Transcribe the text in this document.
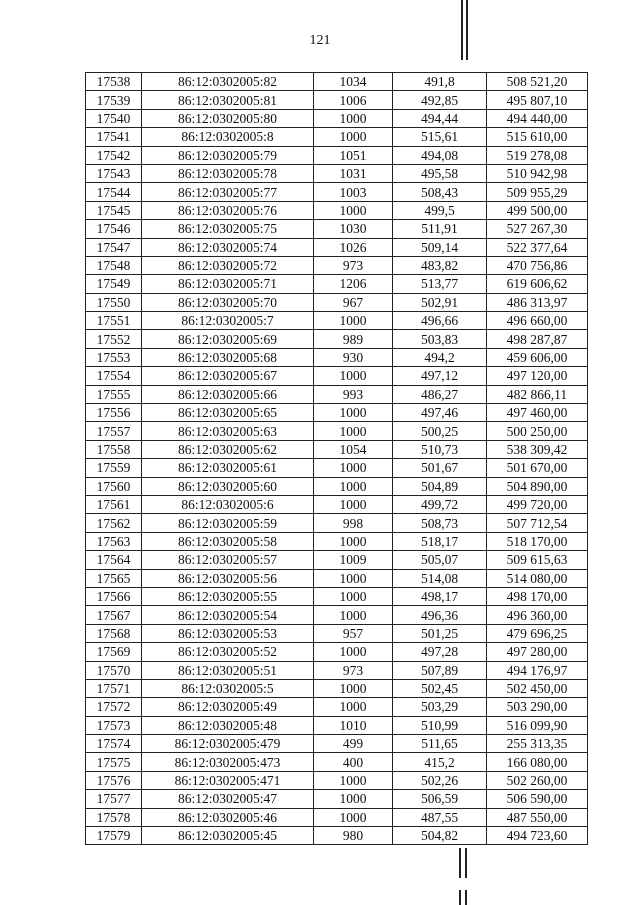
121
17538	86:12:0302005:82	1034	491,8	508 521,20
17539	86:12:0302005:81	1006	492,85	495 807,10
17540	86:12:0302005:80	1000	494,44	494 440,00
17541	86:12:0302005:8	1000	515,61	515 610,00
17542	86:12:0302005:79	1051	494,08	519 278,08
17543	86:12:0302005:78	1031	495,58	510 942,98
17544	86:12:0302005:77	1003	508,43	509 955,29
17545	86:12:0302005:76	1000	499,5	499 500,00
17546	86:12:0302005:75	1030	511,91	527 267,30
17547	86:12:0302005:74	1026	509,14	522 377,64
17548	86:12:0302005:72	973	483,82	470 756,86
17549	86:12:0302005:71	1206	513,77	619 606,62
17550	86:12:0302005:70	967	502,91	486 313,97
17551	86:12:0302005:7	1000	496,66	496 660,00
17552	86:12:0302005:69	989	503,83	498 287,87
17553	86:12:0302005:68	930	494,2	459 606,00
17554	86:12:0302005:67	1000	497,12	497 120,00
17555	86:12:0302005:66	993	486,27	482 866,11
17556	86:12:0302005:65	1000	497,46	497 460,00
17557	86:12:0302005:63	1000	500,25	500 250,00
17558	86:12:0302005:62	1054	510,73	538 309,42
17559	86:12:0302005:61	1000	501,67	501 670,00
17560	86:12:0302005:60	1000	504,89	504 890,00
17561	86:12:0302005:6	1000	499,72	499 720,00
17562	86:12:0302005:59	998	508,73	507 712,54
17563	86:12:0302005:58	1000	518,17	518 170,00
17564	86:12:0302005:57	1009	505,07	509 615,63
17565	86:12:0302005:56	1000	514,08	514 080,00
17566	86:12:0302005:55	1000	498,17	498 170,00
17567	86:12:0302005:54	1000	496,36	496 360,00
17568	86:12:0302005:53	957	501,25	479 696,25
17569	86:12:0302005:52	1000	497,28	497 280,00
17570	86:12:0302005:51	973	507,89	494 176,97
17571	86:12:0302005:5	1000	502,45	502 450,00
17572	86:12:0302005:49	1000	503,29	503 290,00
17573	86:12:0302005:48	1010	510,99	516 099,90
17574	86:12:0302005:479	499	511,65	255 313,35
17575	86:12:0302005:473	400	415,2	166 080,00
17576	86:12:0302005:471	1000	502,26	502 260,00
17577	86:12:0302005:47	1000	506,59	506 590,00
17578	86:12:0302005:46	1000	487,55	487 550,00
17579	86:12:0302005:45	980	504,82	494 723,60
